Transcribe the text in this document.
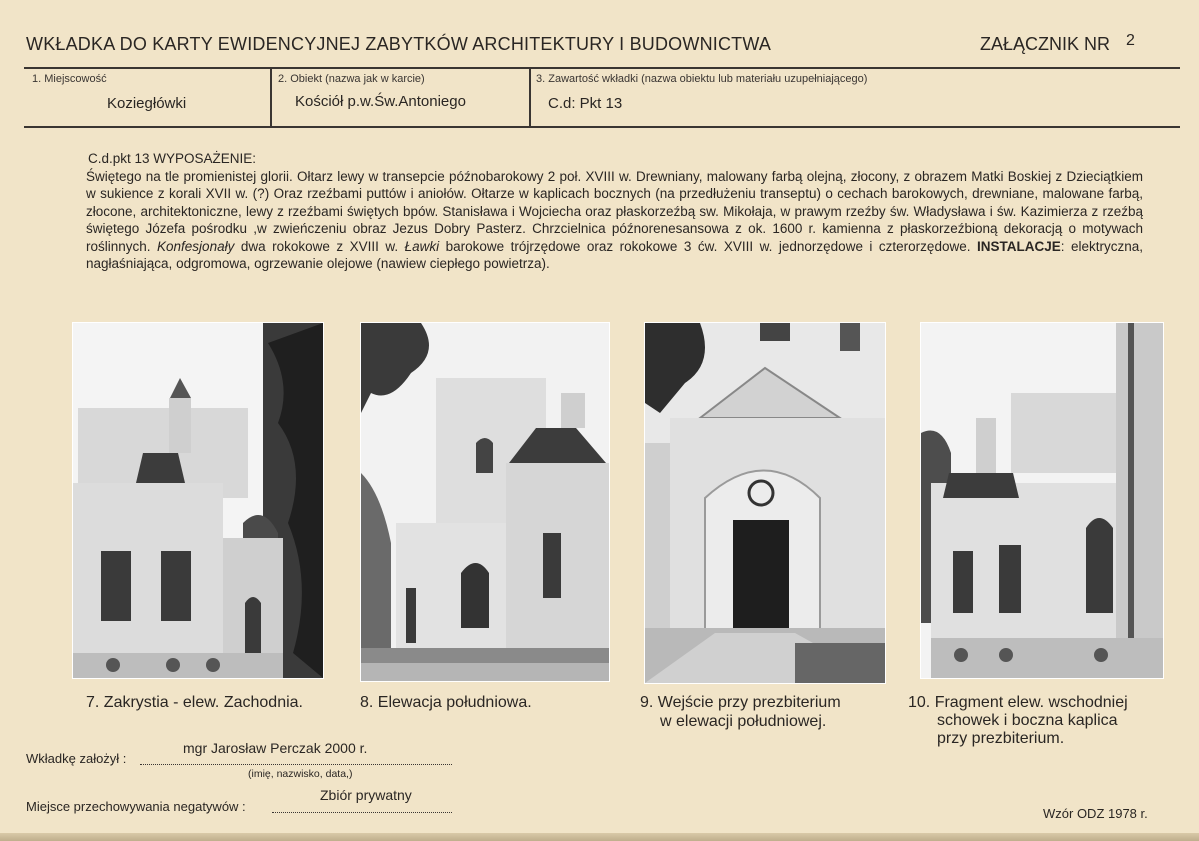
WKŁADKA DO KARTY EWIDENCYJNEJ ZABYTKÓW ARCHITEKTURY I BUDOWNICTWA	ZAŁĄCZNIK NR 2
1. Miejscowość
Koziegłówki
2. Obiekt (nazwa jak w karcie)
Kościół p.w.Św.Antoniego
3. Zawartość wkładki (nazwa obiektu lub materiału uzupełniającego)
C.d: Pkt 13

C.d.pkt 13 WYPOSAŻENIE:

Świętego na tle promienistej glorii. Ołtarz lewy w transepcie późnobarokowy 2 poł. XVIII w. Drewniany, malowany farbą olejną, złocony, z obrazem Matki Boskiej z Dzieciątkiem w sukience z korali XVII w. (?) Oraz rzeźbami puttów i aniołów. Ołtarze w kaplicach bocznych (na przedłużeniu transeptu) o cechach barokowych, drewniane, malowane farbą, złocone, architektoniczne, lewy z rzeźbami świętych bpów. Stanisława i Wojciecha oraz płaskorzeźbą sw. Mikołaja, w prawym rzeźby św. Władysława i św. Kazimierza z rzeźbą świętego Józefa pośrodku ,w zwieńczeniu obraz Jezus Dobry Pasterz. Chrzcielnica późnorenesansowa z ok. 1600 r. kamienna z płaskorzeźbioną dekoracją o motywach roślinnych. Konfesjonały dwa rokokowe z XVIII w. Ławki barokowe trójrzędowe oraz rokokowe 3 ćw. XVIII w. jednorzędowe i czterorzędowe. INSTALACJE: elektryczna, nagłaśniająca, odgromowa, ogrzewanie olejowe (nawiew ciepłego powietrza).

7. Zakrystia - elew. Zachodnia.	8. Elewacja południowa.	9. Wejście przy prezbiterium
w elewacji południowej.
10. Fragment elew. wschodniej
schowek i boczna kaplica
przy prezbiterium.
Wkładkę założył :
mgr Jarosław Perczak 2000 r.
(imię, nazwisko, data,)
Zbiór prywatny
Miejsce przechowywania negatywów :	Wzór ODZ 1978 r.
